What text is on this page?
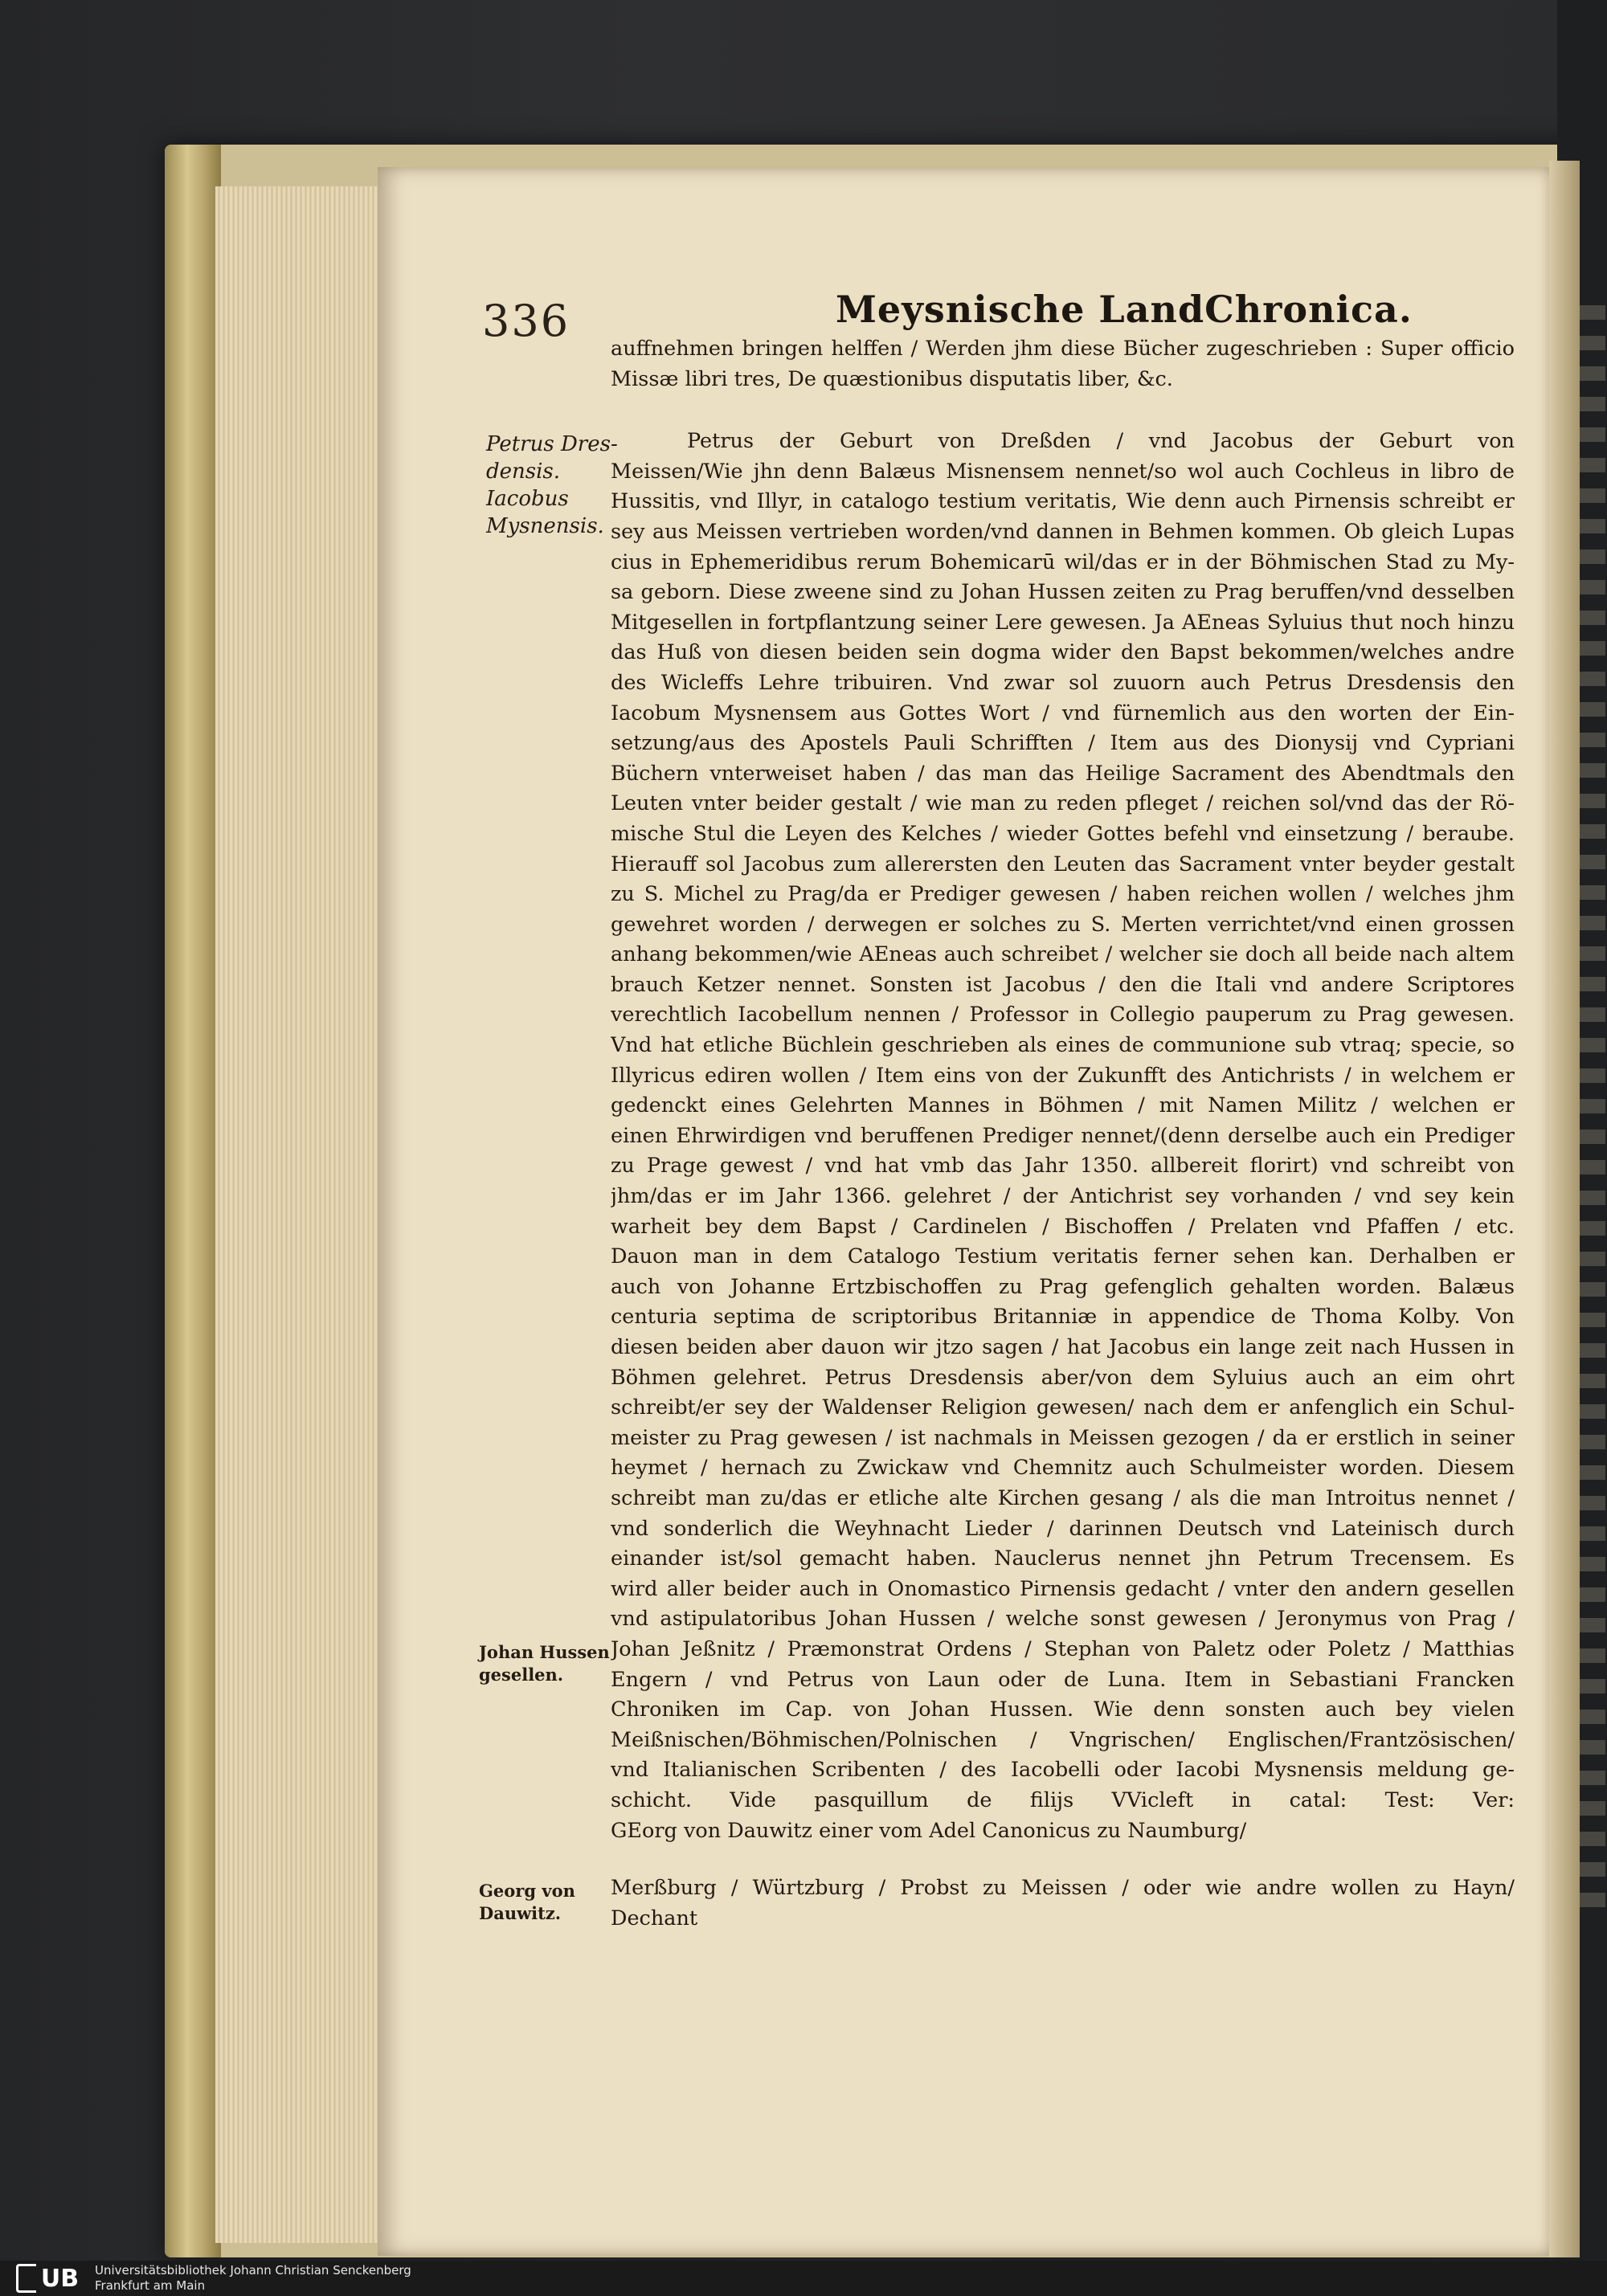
336	Meysnische LandChronica.
auffnehmen bringen helffen / Werden jhm diese Bücher zugeschrieben : Super officio
Missæ libri tres, De quæstionibus disputatis liber, &c.
Petrus der Geburt von Dreßden / vnd Jacobus der Geburt von
Meissen/Wie jhn denn Balæus Misnensem nennet/so wol auch Cochleus in libro de
Hussitis, vnd Illyr, in catalogo testium veritatis, Wie denn auch Pirnensis schreibt er
sey aus Meissen vertrieben worden/vnd dannen in Behmen kommen. Ob gleich Lupas
cius in Ephemeridibus rerum Bohemicarū wil/das er in der Böhmischen Stad zu My-
sa geborn. Diese zweene sind zu Johan Hussen zeiten zu Prag beruffen/vnd desselben
Mitgesellen in fortpflantzung seiner Lere gewesen. Ja AEneas Syluius thut noch hinzu
das Huß von diesen beiden sein dogma wider den Bapst bekommen/welches andre
des Wicleffs Lehre tribuiren. Vnd zwar sol zuuorn auch Petrus Dresdensis den
Iacobum Mysnensem aus Gottes Wort / vnd fürnemlich aus den worten der Ein-
setzung/aus des Apostels Pauli Schrifften / Item aus des Dionysij vnd Cypriani
Büchern vnterweiset haben / das man das Heilige Sacrament des Abendtmals den
Leuten vnter beider gestalt / wie man zu reden pfleget / reichen sol/vnd das der Rö-
mische Stul die Leyen des Kelches / wieder Gottes befehl vnd einsetzung / beraube.
Hierauff sol Jacobus zum allerersten den Leuten das Sacrament vnter beyder gestalt
zu S. Michel zu Prag/da er Prediger gewesen / haben reichen wollen / welches jhm
gewehret worden / derwegen er solches zu S. Merten verrichtet/vnd einen grossen
anhang bekommen/wie AEneas auch schreibet / welcher sie doch all beide nach altem
brauch Ketzer nennet. Sonsten ist Jacobus / den die Itali vnd andere Scriptores
verechtlich Iacobellum nennen / Professor in Collegio pauperum zu Prag gewesen.
Vnd hat etliche Büchlein geschrieben als eines de communione sub vtraq; specie, so
Illyricus ediren wollen / Item eins von der Zukunfft des Antichrists / in welchem er
gedenckt eines Gelehrten Mannes in Böhmen / mit Namen Militz / welchen er
einen Ehrwirdigen vnd beruffenen Prediger nennet/(denn derselbe auch ein Prediger
zu Prage gewest / vnd hat vmb das Jahr 1350. allbereit florirt) vnd schreibt von
jhm/das er im Jahr 1366. gelehret / der Antichrist sey vorhanden / vnd sey kein
warheit bey dem Bapst / Cardinelen / Bischoffen / Prelaten vnd Pfaffen / etc.
Dauon man in dem Catalogo Testium veritatis ferner sehen kan. Derhalben er
auch von Johanne Ertzbischoffen zu Prag gefenglich gehalten worden. Balæus
centuria septima de scriptoribus Britanniæ in appendice de Thoma Kolby. Von
diesen beiden aber dauon wir jtzo sagen / hat Jacobus ein lange zeit nach Hussen in
Böhmen gelehret. Petrus Dresdensis aber/von dem Syluius auch an eim ohrt
schreibt/er sey der Waldenser Religion gewesen/ nach dem er anfenglich ein Schul-
meister zu Prag gewesen / ist nachmals in Meissen gezogen / da er erstlich in seiner
heymet / hernach zu Zwickaw vnd Chemnitz auch Schulmeister worden. Diesem
schreibt man zu/das er etliche alte Kirchen gesang / als die man Introitus nennet /
vnd sonderlich die Weyhnacht Lieder / darinnen Deutsch vnd Lateinisch durch
einander ist/sol gemacht haben. Nauclerus nennet jhn Petrum Trecensem. Es
wird aller beider auch in Onomastico Pirnensis gedacht / vnter den andern gesellen
vnd astipulatoribus Johan Hussen / welche sonst gewesen / Jeronymus von Prag /
Johan Jeßnitz / Præmonstrat Ordens / Stephan von Paletz oder Poletz / Matthias
Engern / vnd Petrus von Laun oder de Luna. Item in Sebastiani Francken
Chroniken im Cap. von Johan Hussen. Wie denn sonsten auch bey vielen
Meißnischen/Böhmischen/Polnischen / Vngrischen/ Englischen/Frantzösischen/
vnd Italianischen Scribenten / des Iacobelli oder Iacobi Mysnensis meldung ge-
schicht. Vide pasquillum de filijs VVicleft in catal: Test: Ver:
GEorg von Dauwitz einer vom Adel Canonicus zu Naumburg/
Merßburg / Würtzburg / Probst zu Meissen / oder wie andre wollen zu Hayn/
Dechant
Petrus Dres-
densis.
Iacobus
Mysnensis.
Johan Hussen
gesellen.
Georg von
Dauwitz.
UB Universitätsbibliothek Johann Christian Senckenberg
Frankfurt am Main
